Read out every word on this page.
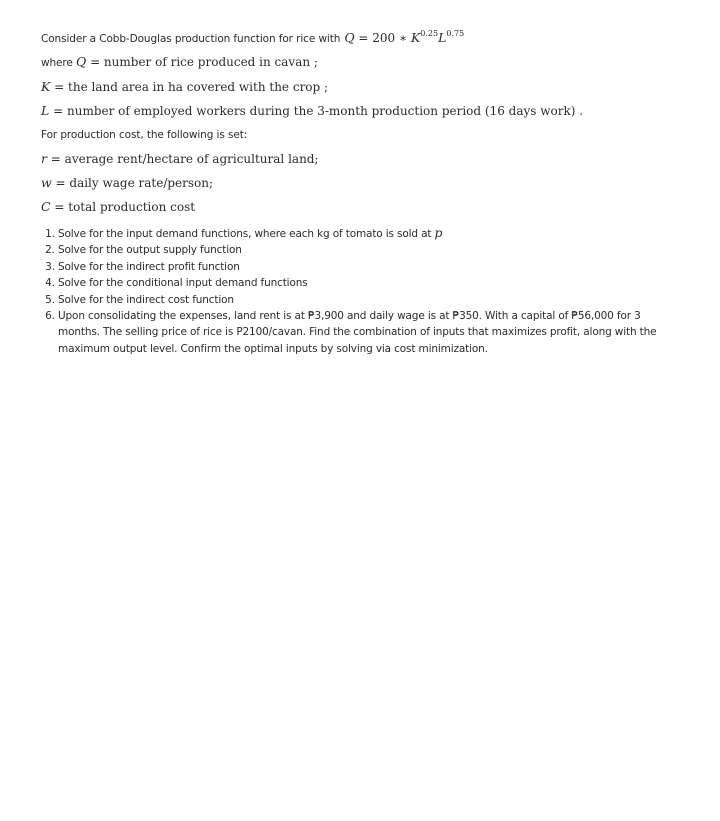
Consider a Cobb-Douglas production function for rice with Q = 200 ∗ $K^{0.25}L^{0.75}$
where Q = number of rice produced in cavan ;
K = the land area in ha covered with the crop ;
L = number of employed workers during the 3-month production period (16 days work) .
For production cost, the following is set:
r = average rent/hectare of agricultural land;
w = daily wage rate/person;
C = total production cost
1. Solve for the input demand functions, where each kg of tomato is sold at p
2. Solve for the output supply function
3. Solve for the indirect profit function
4. Solve for the conditional input demand functions
5. Solve for the indirect cost function
6. Upon consolidating the expenses, land rent is at ₱3,900 and daily wage is at ₱350. With a capital of ₱56,000 for 3 months. The selling price of rice is P2100/cavan. Find the combination of inputs that maximizes profit, along with the maximum output level. Confirm the optimal inputs by solving via cost minimization.
